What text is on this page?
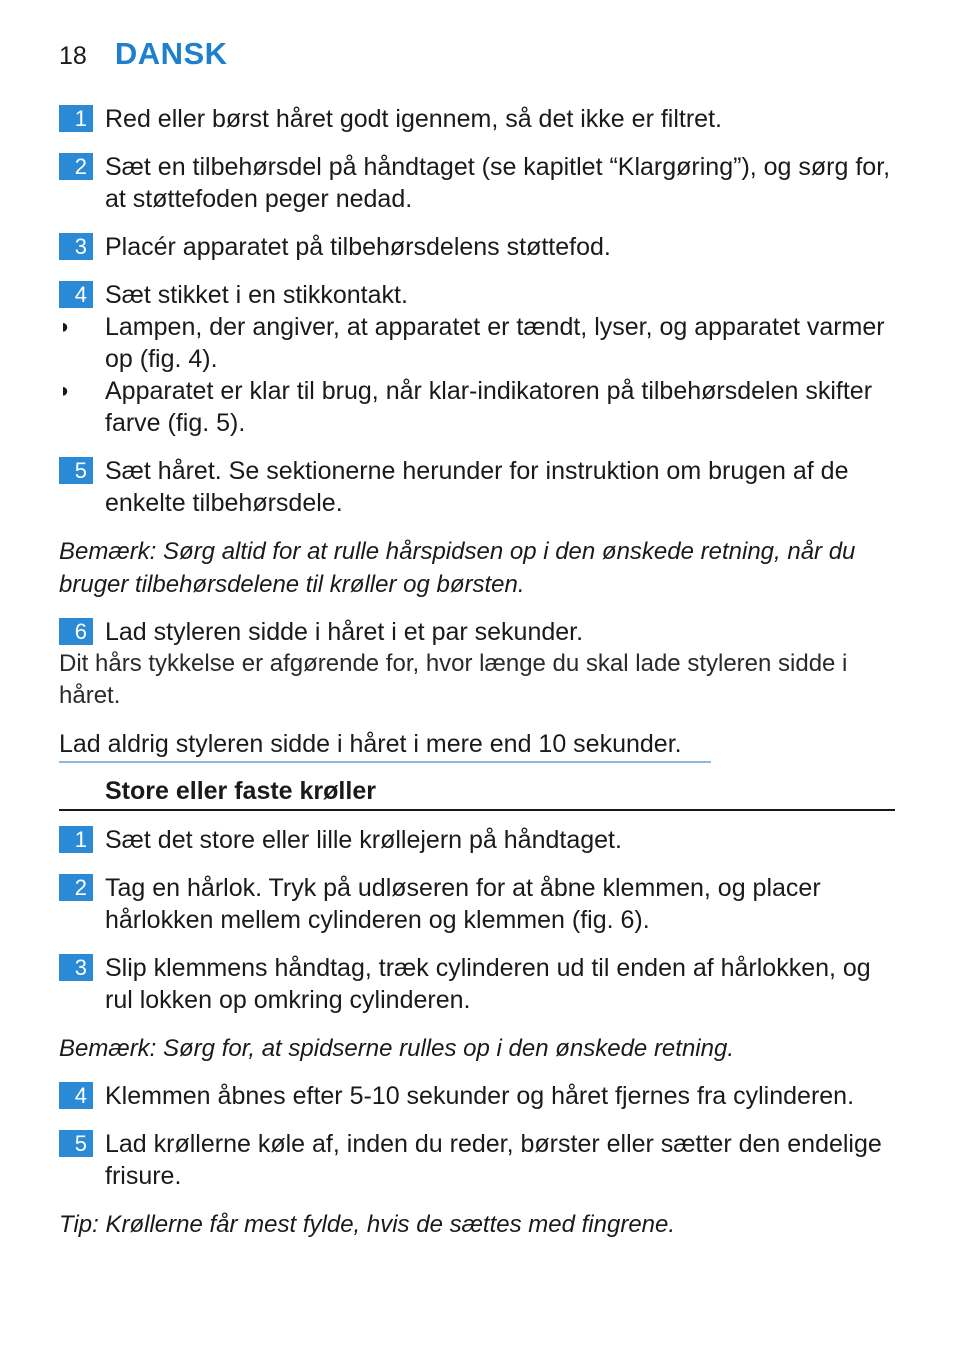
18 DANSK
1 Red eller børst håret godt igennem, så det ikke er filtret.
2 Sæt en tilbehørsdel på håndtaget (se kapitlet “Klargøring”), og sørg for, at støttefoden peger nedad.
3 Placér apparatet på tilbehørsdelens støttefod.
4 Sæt stikket i en stikkontakt.
◗ Lampen, der angiver, at apparatet er tændt, lyser, og apparatet varmer op (fig. 4).
◗ Apparatet er klar til brug, når klar-indikatoren på tilbehørsdelen skifter farve (fig. 5).
5 Sæt håret. Se sektionerne herunder for instruktion om brugen af de enkelte tilbehørsdele.
Bemærk: Sørg altid for at rulle hårspidsen op i den ønskede retning, når du bruger tilbehørsdelene til krøller og børsten.
6 Lad styleren sidde i håret i et par sekunder.
Dit hårs tykkelse er afgørende for, hvor længe du skal lade styleren sidde i håret.
Lad aldrig styleren sidde i håret i mere end 10 sekunder.
Store eller faste krøller
1 Sæt det store eller lille krøllejern på håndtaget.
2 Tag en hårlok. Tryk på udløseren for at åbne klemmen, og placer hårlokken mellem cylinderen og klemmen (fig. 6).
3 Slip klemmens håndtag, træk cylinderen ud til enden af hårlokken, og rul lokken op omkring cylinderen.
Bemærk: Sørg for, at spidserne rulles op i den ønskede retning.
4 Klemmen åbnes efter 5-10 sekunder og håret fjernes fra cylinderen.
5 Lad krøllerne køle af, inden du reder, børster eller sætter den endelige frisure.
Tip: Krøllerne får mest fylde, hvis de sættes med fingrene.
